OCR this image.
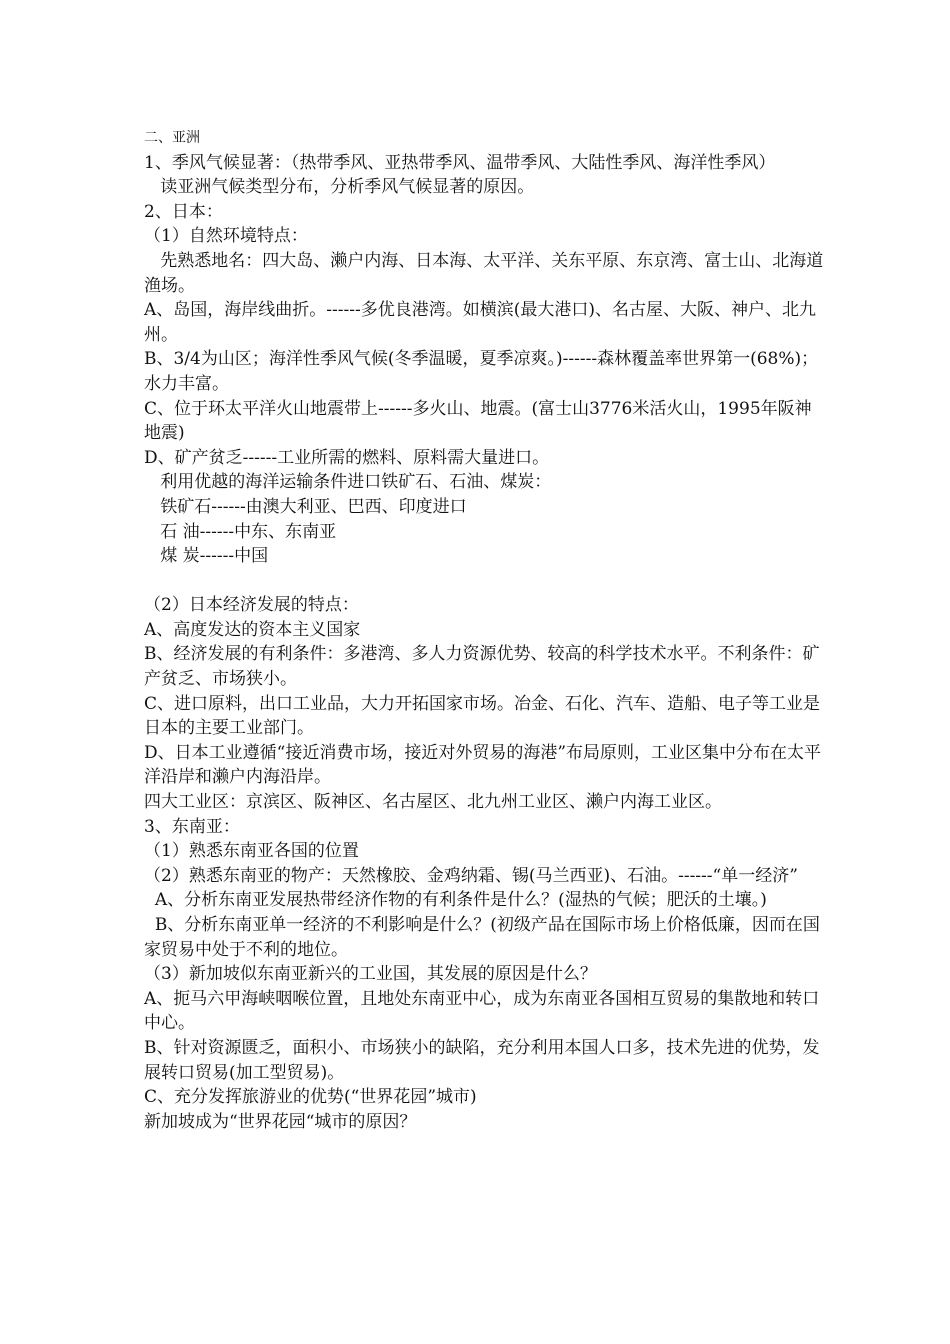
二、亚洲
1、季风气候显著：（热带季风、亚热带季风、温带季风、大陆性季风、海洋性季风）
读亚洲气候类型分布，分析季风气候显著的原因。
2、日本：
（1）自然环境特点：
先熟悉地名：四大岛、濑户内海、日本海、太平洋、关东平原、东京湾、富士山、北海道渔场。
A、岛国，海岸线曲折。------多优良港湾。如横滨(最大港口)、名古屋、大阪、神户、北九州。
B、3/4为山区；海洋性季风气候(冬季温暖，夏季凉爽。)------森林覆盖率世界第一(68%)；水力丰富。
C、位于环太平洋火山地震带上------多火山、地震。(富士山3776米活火山，1995年阪神地震)
D、矿产贫乏------工业所需的燃料、原料需大量进口。
利用优越的海洋运输条件进口铁矿石、石油、煤炭：
铁矿石------由澳大利亚、巴西、印度进口
石 油------中东、东南亚
煤 炭------中国
（2）日本经济发展的特点：
A、高度发达的资本主义国家
B、经济发展的有利条件：多港湾、多人力资源优势、较高的科学技术水平。不利条件：矿产贫乏、市场狭小。
C、进口原料，出口工业品，大力开拓国家市场。冶金、石化、汽车、造船、电子等工业是日本的主要工业部门。
D、日本工业遵循“接近消费市场，接近对外贸易的海港”布局原则，工业区集中分布在太平洋沿岸和濑户内海沿岸。
四大工业区：京滨区、阪神区、名古屋区、北九州工业区、濑户内海工业区。
3、东南亚：
（1）熟悉东南亚各国的位置
（2）熟悉东南亚的物产：天然橡胶、金鸡纳霜、锡(马兰西亚)、石油。------“单一经济”
A、分析东南亚发展热带经济作物的有利条件是什么？(湿热的气候；肥沃的土壤。)
B、分析东南亚单一经济的不利影响是什么？(初级产品在国际市场上价格低廉，因而在国家贸易中处于不利的地位。
（3）新加坡似东南亚新兴的工业国，其发展的原因是什么？
A、扼马六甲海峡咽喉位置，且地处东南亚中心，成为东南亚各国相互贸易的集散地和转口中心。
B、针对资源匮乏，面积小、市场狭小的缺陷，充分利用本国人口多，技术先进的优势，发展转口贸易(加工型贸易)。
C、充分发挥旅游业的优势(“世界花园”城市)
新加坡成为“世界花园“城市的原因？
